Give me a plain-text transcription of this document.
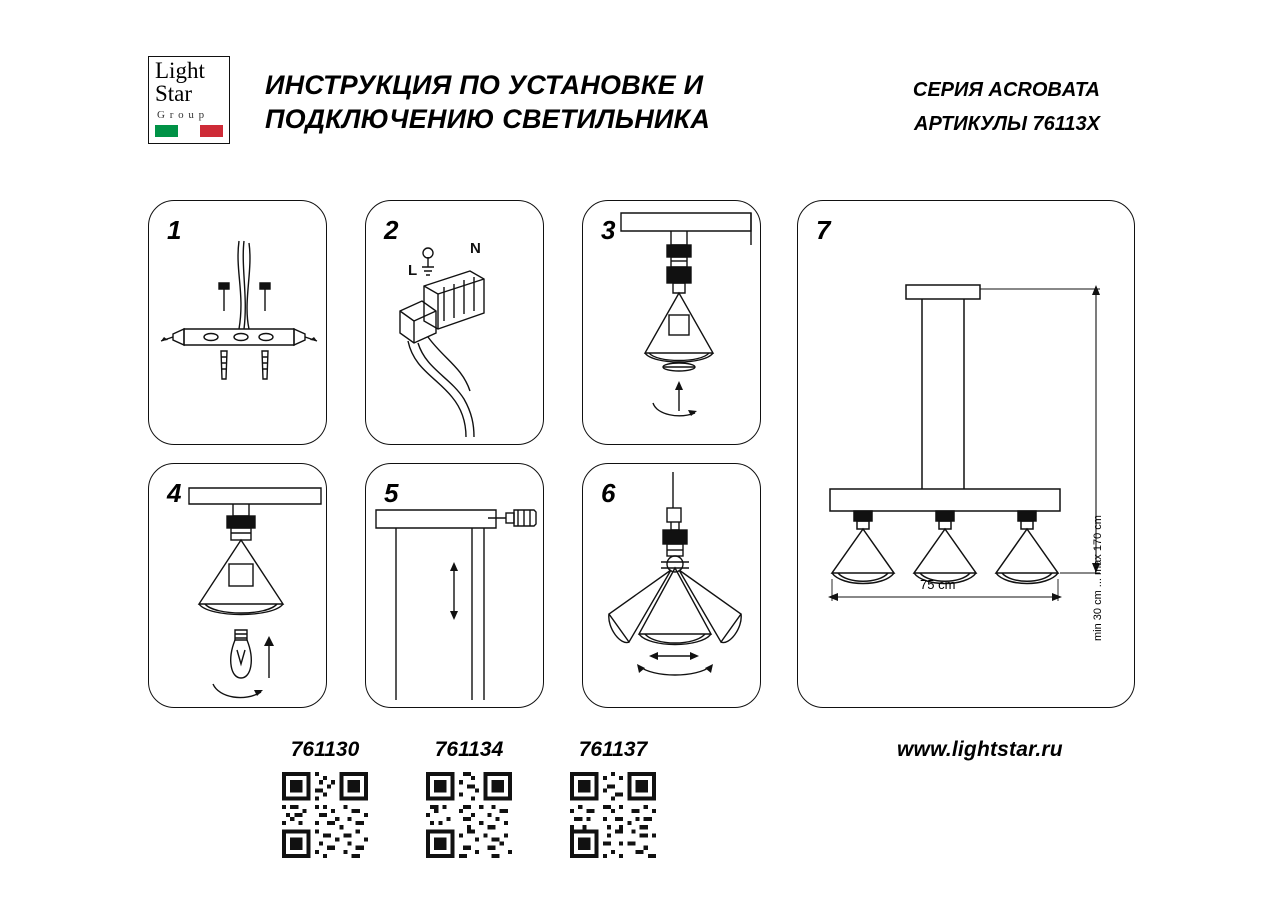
Light
Star
G r o u p
ИНСТРУКЦИЯ ПО УСТАНОВКЕ И ПОДКЛЮЧЕНИЮ СВЕТИЛЬНИКА
СЕРИЯ ACROBATA
АРТИКУЛЫ 76113X
1	2
N
L
3
4	5	6
7
min 30 cm ... max 170 cm
75 cm
761130	761134	761137	www.lightstar.ru
